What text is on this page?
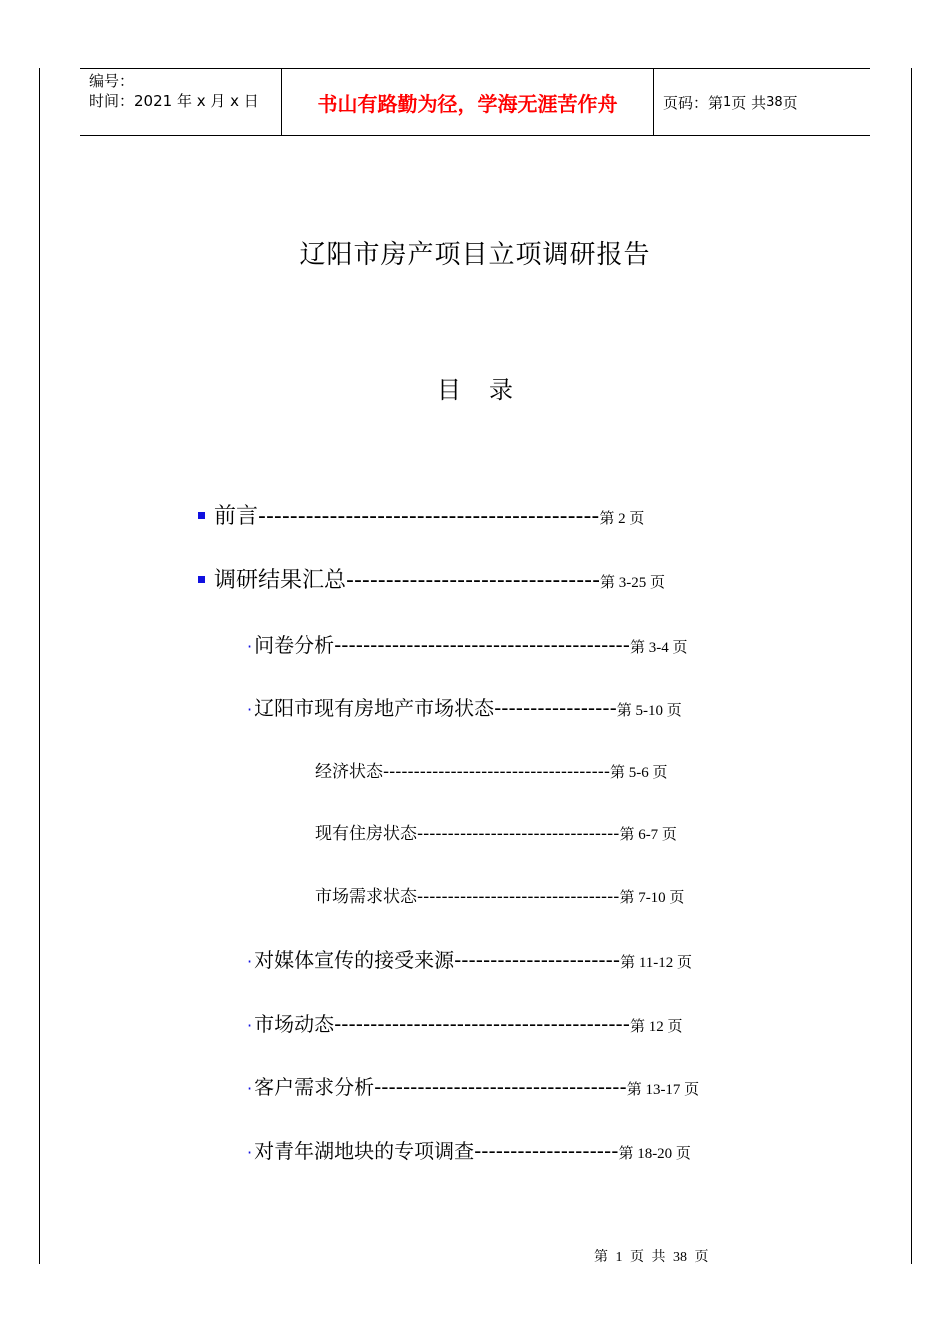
编号：
时间：2021 年 x 月 x 日	书山有路勤为径，学海无涯苦作舟	页码：第 1 页 共 38 页
辽阳市房产项目立项调研报告
目 录
前言 ------------------------------------------- 第 2 页
调研结果汇总 -------------------------------- 第 3-25 页
· 问卷分析 ----------------------------------------- 第 3-4 页
· 辽阳市现有房地产市场状态 ----------------- 第 5-10 页
经济状态 ------------------------------------- 第 5-6 页
现有住房状态 --------------------------------- 第 6-7 页
市场需求状态 --------------------------------- 第 7-10 页
· 对媒体宣传的接受来源 ----------------------- 第 11-12 页
· 市场动态 ----------------------------------------- 第 12 页
· 客户需求分析 ----------------------------------- 第 13-17 页
· 对青年湖地块的专项调查 -------------------- 第 18-20 页
第 1 页 共 38 页
